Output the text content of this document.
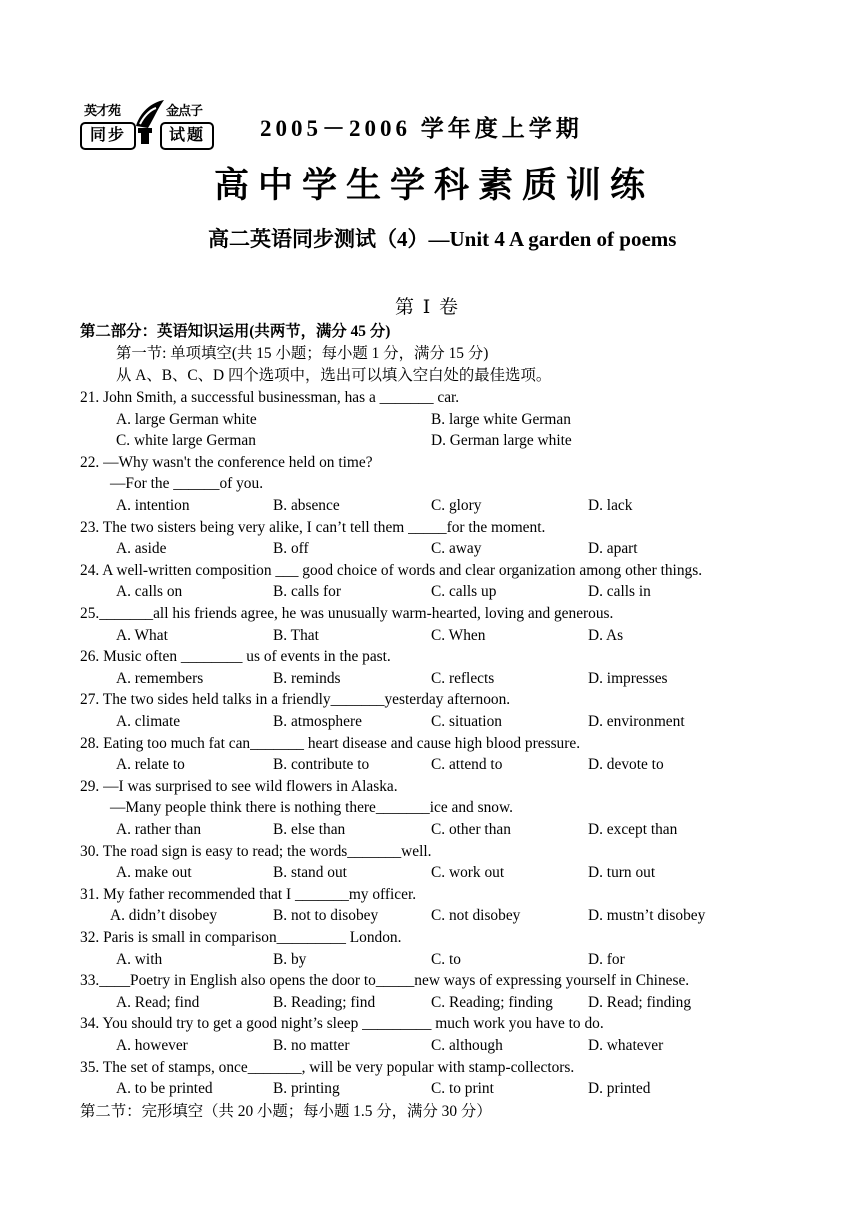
英才苑	金点子
同步	试题	2005－2006 学年度上学期
高中学生学科素质训练
高二英语同步测试（4）—Unit 4 A garden of poems
第 Ⅰ 卷
第二部分：英语知识运用(共两节，满分 45 分)
第一节: 单项填空(共 15 小题；每小题 1 分，满分 15 分)
从 A、B、C、D 四个选项中，选出可以填入空白处的最佳选项。
21. John Smith, a successful businessman, has a _______ car.
A. large German white	B. large white German
C. white large German	D. German large white
22. —Why wasn't the conference held on time?
—For the ______of you.
A. intention	B. absence	C. glory	D. lack
23. The two sisters being very alike, I can’t tell them _____for the moment.
A. aside	B. off	C. away	D. apart
24. A well-written composition ___ good choice of words and clear organization among other things.
A. calls on	B. calls for	C. calls up	D. calls in
25._______all his friends agree, he was unusually warm-hearted, loving and generous.
A. What	B. That	C. When	D. As
26. Music often ________ us of events in the past.
A. remembers	B. reminds	C. reflects	D. impresses
27. The two sides held talks in a friendly_______yesterday afternoon.
A. climate	B. atmosphere	C. situation	D. environment
28. Eating too much fat can_______ heart disease and cause high blood pressure.
A. relate to	B. contribute to	C. attend to	D. devote to
29. —I was surprised to see wild flowers in Alaska.
—Many people think there is nothing there_______ice and snow.
A. rather than	B. else than	C. other than	D. except than
30. The road sign is easy to read; the words_______well.
A. make out	B. stand out	C. work out	D. turn out
31. My father recommended that I _______my officer.
A. didn’t disobey	B. not to disobey	C. not disobey	D. mustn’t disobey
32. Paris is small in comparison_________ London.
A. with	B. by	C. to	D. for
33.____Poetry in English also opens the door to_____new ways of expressing yourself in Chinese.
A. Read; find	B. Reading; find	C. Reading; finding D. Read; finding
34. You should try to get a good night’s sleep _________ much work you have to do.
A. however	B. no matter	C. although	D. whatever
35. The set of stamps, once_______, will be very popular with stamp-collectors.
A. to be printed	B. printing	C. to print	D. printed
第二节：完形填空（共 20 小题；每小题 1.5 分，满分 30 分）
